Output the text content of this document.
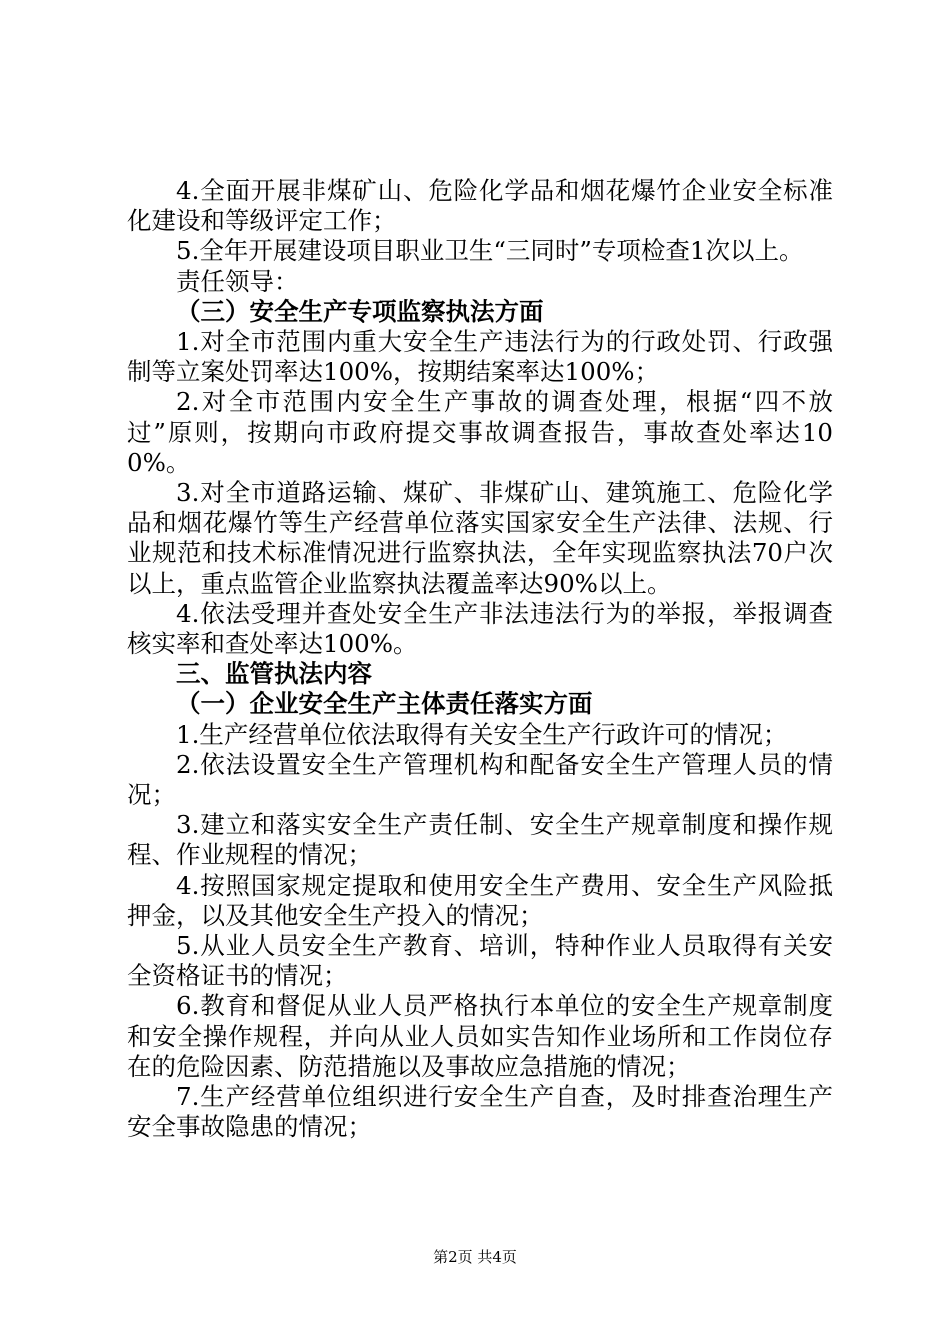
4.全面开展非煤矿山、危险化学品和烟花爆竹企业安全标准化建设和等级评定工作；

5.全年开展建设项目职业卫生“三同时”专项检查1次以上。

责任领导：

（三）安全生产专项监察执法方面

1.对全市范围内重大安全生产违法行为的行政处罚、行政强制等立案处罚率达100%，按期结案率达100%；

2.对全市范围内安全生产事故的调查处理，根据“四不放过”原则，按期向市政府提交事故调查报告，事故查处率达100%。

3.对全市道路运输、煤矿、非煤矿山、建筑施工、危险化学品和烟花爆竹等生产经营单位落实国家安全生产法律、法规、行业规范和技术标准情况进行监察执法，全年实现监察执法70户次以上，重点监管企业监察执法覆盖率达90%以上。

4.依法受理并查处安全生产非法违法行为的举报，举报调查核实率和查处率达100%。

三、监管执法内容

（一）企业安全生产主体责任落实方面

1.生产经营单位依法取得有关安全生产行政许可的情况；

2.依法设置安全生产管理机构和配备安全生产管理人员的情况；

3.建立和落实安全生产责任制、安全生产规章制度和操作规程、作业规程的情况；

4.按照国家规定提取和使用安全生产费用、安全生产风险抵押金，以及其他安全生产投入的情况；

5.从业人员安全生产教育、培训，特种作业人员取得有关安全资格证书的情况；

6.教育和督促从业人员严格执行本单位的安全生产规章制度和安全操作规程，并向从业人员如实告知作业场所和工作岗位存在的危险因素、防范措施以及事故应急措施的情况；

7.生产经营单位组织进行安全生产自查，及时排查治理生产安全事故隐患的情况；

第2页 共4页
